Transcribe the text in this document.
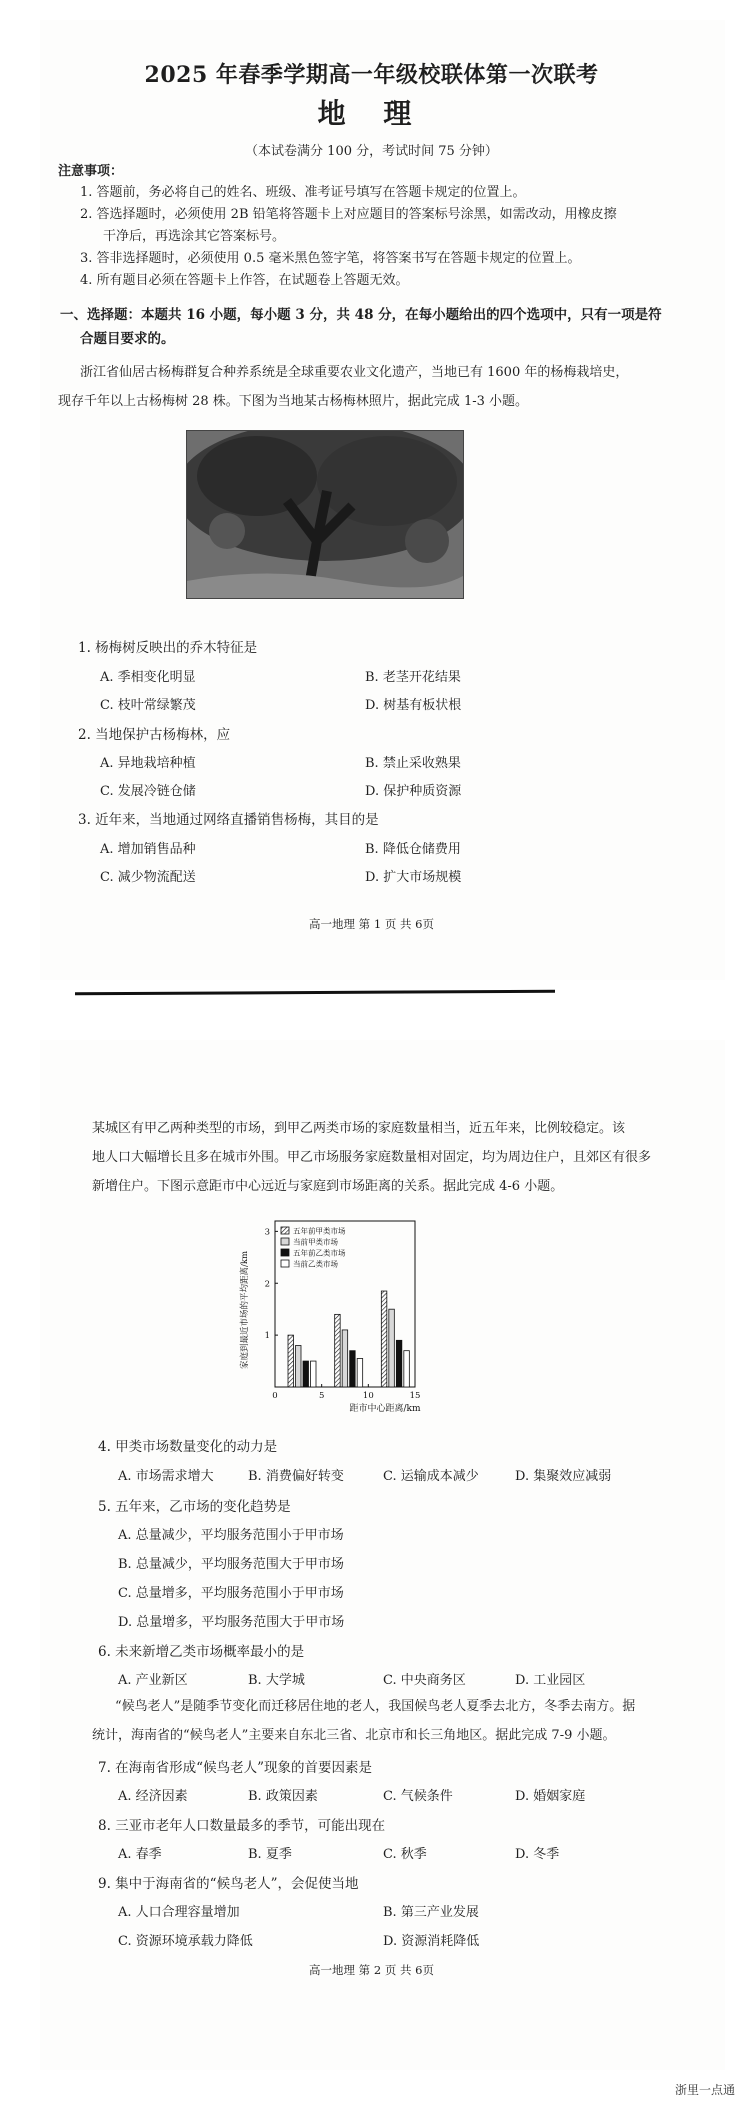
2025 年春季学期高一年级校联体第一次联考
地 理
（本试卷满分 100 分，考试时间 75 分钟）
注意事项：
1. 答题前，务必将自己的姓名、班级、准考证号填写在答题卡规定的位置上。
2. 答选择题时，必须使用 2B 铅笔将答题卡上对应题目的答案标号涂黑，如需改动，用橡皮擦
干净后，再选涂其它答案标号。
3. 答非选择题时，必须使用 0.5 毫米黑色签字笔，将答案书写在答题卡规定的位置上。
4. 所有题目必须在答题卡上作答，在试题卷上答题无效。
一、选择题：本题共 16 小题，每小题 3 分，共 48 分，在每小题给出的四个选项中，只有一项是符
合题目要求的。
浙江省仙居古杨梅群复合种养系统是全球重要农业文化遗产，当地已有 1600 年的杨梅栽培史，
现存千年以上古杨梅树 28 株。下图为当地某古杨梅林照片，据此完成 1-3 小题。
1. 杨梅树反映出的乔木特征是
A. 季相变化明显	B. 老茎开花结果
C. 枝叶常绿繁茂	D. 树基有板状根
2. 当地保护古杨梅林，应
A. 异地栽培种植	B. 禁止采收熟果
C. 发展冷链仓储	D. 保护种质资源
3. 近年来，当地通过网络直播销售杨梅，其目的是
A. 增加销售品种	B. 降低仓储费用
C. 减少物流配送	D. 扩大市场规模
高一地理 第 1 页 共 6页
某城区有甲乙两种类型的市场，到甲乙两类市场的家庭数量相当，近五年来，比例较稳定。该
地人口大幅增长且多在城市外围。甲乙市场服务家庭数量相对固定，均为周边住户，且郊区有很多
新增住户。下图示意距市中心远近与家庭到市场距离的关系。据此完成 4-6 小题。
家庭到最近市场的平均距离/km
距市中心距离/km
1
2
3
0	5	10	15
五年前甲类市场
当前甲类市场
五年前乙类市场
当前乙类市场
4. 甲类市场数量变化的动力是
A. 市场需求增大	B. 消费偏好转变	C. 运输成本减少	D. 集聚效应减弱
5. 五年来，乙市场的变化趋势是
A. 总量减少，平均服务范围小于甲市场
B. 总量减少，平均服务范围大于甲市场
C. 总量增多，平均服务范围小于甲市场
D. 总量增多，平均服务范围大于甲市场
6. 未来新增乙类市场概率最小的是
A. 产业新区	B. 大学城	C. 中央商务区	D. 工业园区
“候鸟老人”是随季节变化而迁移居住地的老人，我国候鸟老人夏季去北方，冬季去南方。据
统计，海南省的“候鸟老人”主要来自东北三省、北京市和长三角地区。据此完成 7-9 小题。
7. 在海南省形成“候鸟老人”现象的首要因素是
A. 经济因素	B. 政策因素	C. 气候条件	D. 婚姻家庭
8. 三亚市老年人口数量最多的季节，可能出现在
A. 春季	B. 夏季	C. 秋季	D. 冬季
9. 集中于海南省的“候鸟老人”，会促使当地
A. 人口合理容量增加	B. 第三产业发展
C. 资源环境承载力降低	D. 资源消耗降低
高一地理 第 2 页 共 6页
浙里一点通
